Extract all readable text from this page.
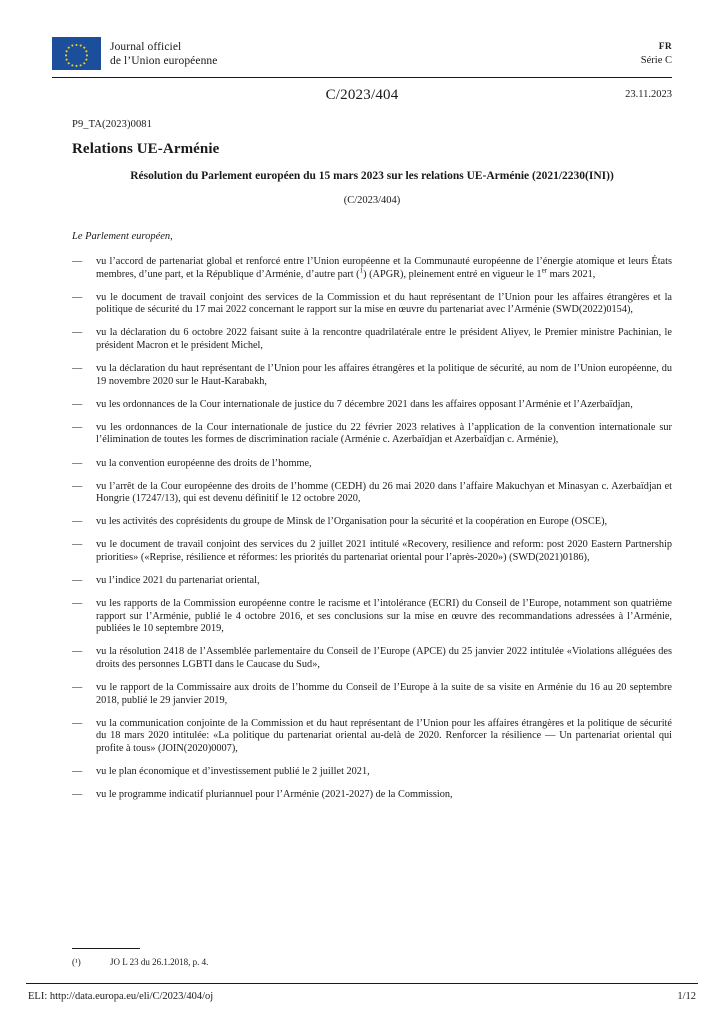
Journal officiel
de l’Union européenne
FR
Série C
C/2023/404	23.11.2023
P9_TA(2023)0081
Relations UE-Arménie
Résolution du Parlement européen du 15 mars 2023 sur les relations UE-Arménie (2021/2230(INI))
(C/2023/404)

Le Parlement européen,

—	vu l’accord de partenariat global et renforcé entre l’Union européenne et la Communauté européenne de l’énergie atomique et leurs États membres, d’une part, et la République d’Arménie, d’autre part ($^1$) (APGR), pleinement entré en vigueur le 1er mars 2021,
—	vu le document de travail conjoint des services de la Commission et du haut représentant de l’Union pour les affaires étrangères et la politique de sécurité du 17 mai 2022 concernant le rapport sur la mise en œuvre du partenariat avec l’Arménie (SWD(2022)0154),
—	vu la déclaration du 6 octobre 2022 faisant suite à la rencontre quadrilatérale entre le président Aliyev, le Premier ministre Pachinian, le président Macron et le président Michel,
—	vu la déclaration du haut représentant de l’Union pour les affaires étrangères et la politique de sécurité, au nom de l’Union européenne, du 19 novembre 2020 sur le Haut-Karabakh,
—	vu les ordonnances de la Cour internationale de justice du 7 décembre 2021 dans les affaires opposant l’Arménie et l’Azerbaïdjan,
—	vu les ordonnances de la Cour internationale de justice du 22 février 2023 relatives à l’application de la convention internationale sur l’élimination de toutes les formes de discrimination raciale (Arménie c. Azerbaïdjan et Azerbaïdjan c. Arménie),
—	vu la convention européenne des droits de l’homme,
—	vu l’arrêt de la Cour européenne des droits de l’homme (CEDH) du 26 mai 2020 dans l’affaire Makuchyan et Minasyan c. Azerbaïdjan et Hongrie (17247/13), qui est devenu définitif le 12 octobre 2020,
—	vu les activités des coprésidents du groupe de Minsk de l’Organisation pour la sécurité et la coopération en Europe (OSCE),
—	vu le document de travail conjoint des services du 2 juillet 2021 intitulé «Recovery, resilience and reform: post 2020 Eastern Partnership priorities» («Reprise, résilience et réformes: les priorités du partenariat oriental pour l’après-2020») (SWD(2021)0186),
—	vu l’indice 2021 du partenariat oriental,
—	vu les rapports de la Commission européenne contre le racisme et l’intolérance (ECRI) du Conseil de l’Europe, notamment son quatrième rapport sur l’Arménie, publié le 4 octobre 2016, et ses conclusions sur la mise en œuvre des recommandations adressées à l’Arménie, publiées le 10 septembre 2019,
—	vu la résolution 2418 de l’Assemblée parlementaire du Conseil de l’Europe (APCE) du 25 janvier 2022 intitulée «Violations alléguées des droits des personnes LGBTI dans le Caucase du Sud»,
—	vu le rapport de la Commissaire aux droits de l’homme du Conseil de l’Europe à la suite de sa visite en Arménie du 16 au 20 septembre 2018, publié le 29 janvier 2019,
—	vu la communication conjointe de la Commission et du haut représentant de l’Union pour les affaires étrangères et la politique de sécurité du 18 mars 2020 intitulée: «La politique du partenariat oriental au-delà de 2020. Renforcer la résilience — Un partenariat oriental qui profite à tous» (JOIN(2020)0007),
—	vu le plan économique et d’investissement publié le 2 juillet 2021,
—	vu le programme indicatif pluriannuel pour l’Arménie (2021-2027) de la Commission,
(¹)	JO L 23 du 26.1.2018, p. 4.
ELI: http://data.europa.eu/eli/C/2023/404/oj	1/12
